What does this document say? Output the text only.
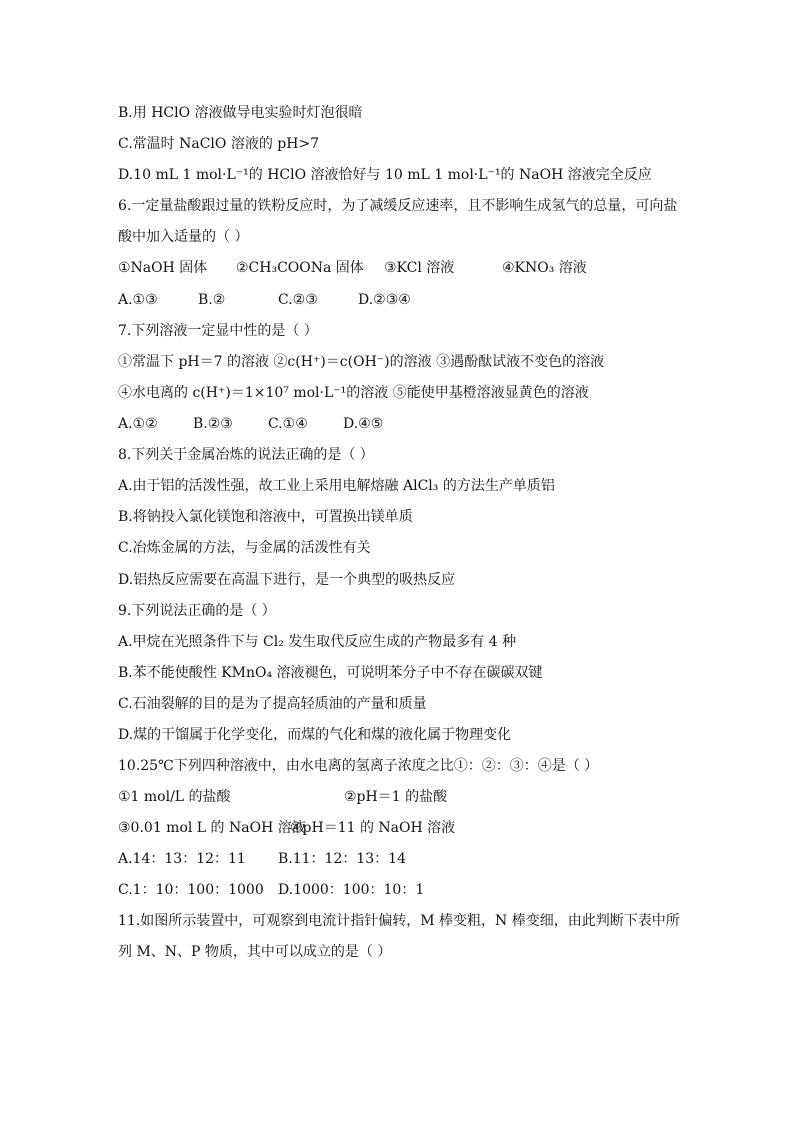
B.用 HClO 溶液做导电实验时灯泡很暗
C.常温时 NaClO 溶液的 pH>7
D.10 mL 1 mol·L⁻¹的 HClO 溶液恰好与 10 mL 1 mol·L⁻¹的 NaOH 溶液完全反应
6.一定量盐酸跟过量的铁粉反应时，为了减缓反应速率，且不影响生成氢气的总量，可向盐
酸中加入适量的（ ）
①NaOH 固体	②CH₃COONa 固体	③KCl 溶液	④KNO₃ 溶液
A.①③	B.②	C.②③	D.②③④
7.下列溶液一定显中性的是（ ）
①常温下 pH＝7 的溶液 ②c(H⁺)＝c(OH⁻)的溶液 ③遇酚酞试液不变色的溶液
④水电离的 c(H⁺)＝1×10⁷ mol·L⁻¹的溶液 ⑤能使甲基橙溶液显黄色的溶液
A.①②	B.②③	C.①④	D.④⑤
8.下列关于金属冶炼的说法正确的是（ ）
A.由于铝的活泼性强，故工业上采用电解熔融 AlCl₃ 的方法生产单质铝
B.将钠投入氯化镁饱和溶液中，可置换出镁单质
C.冶炼金属的方法，与金属的活泼性有关
D.铝热反应需要在高温下进行，是一个典型的吸热反应
9.下列说法正确的是（ ）
A.甲烷在光照条件下与 Cl₂ 发生取代反应生成的产物最多有 4 种
B.苯不能使酸性 KMnO₄ 溶液褪色，可说明苯分子中不存在碳碳双键
C.石油裂解的目的是为了提高轻质油的产量和质量
D.煤的干馏属于化学变化，而煤的气化和煤的液化属于物理变化
10.25℃下列四种溶液中，由水电离的氢离子浓度之比①：②：③：④是（ ）
①1 mol/L 的盐酸	②pH＝1 的盐酸
③0.01 mol L 的 NaOH 溶液
④pH＝11 的 NaOH 溶液
A.14：13：12：11	B.11：12：13：14
C.1：10：100：1000	D.1000：100：10：1
11.如图所示装置中，可观察到电流计指针偏转，M 棒变粗，N 棒变细，由此判断下表中所
列 M、N、P 物质，其中可以成立的是（ ）
